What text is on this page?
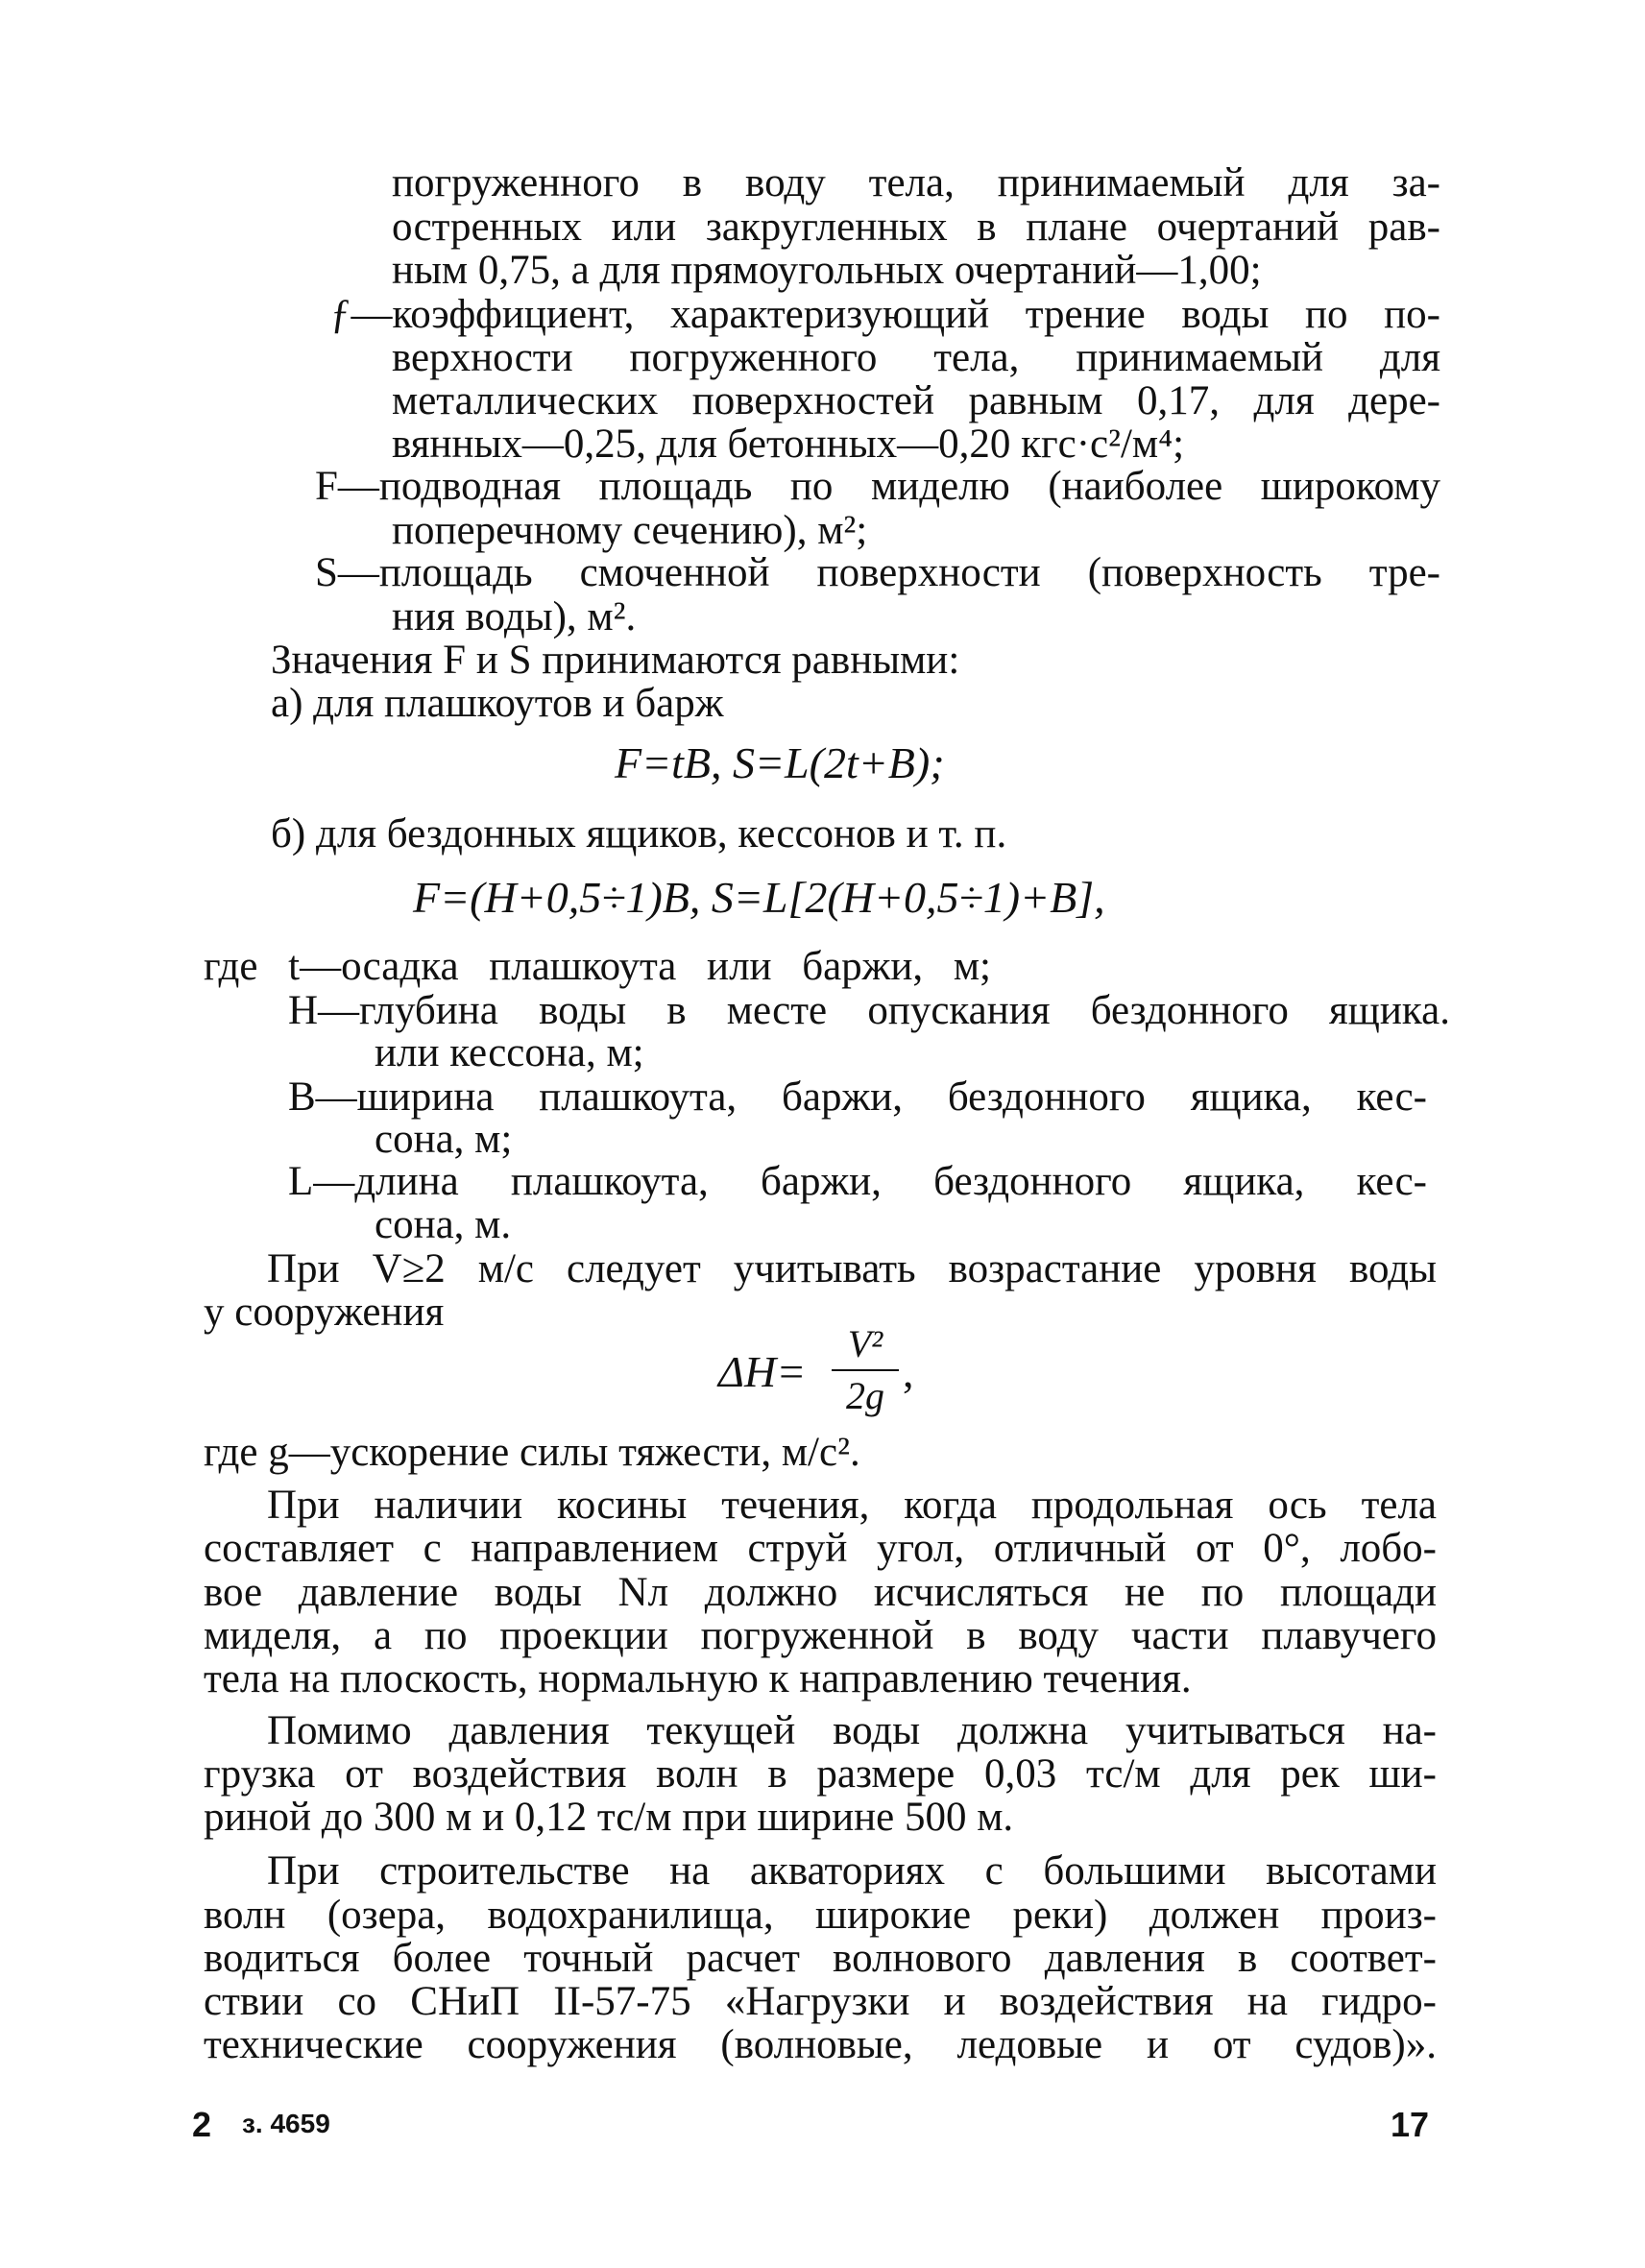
погруженного в воду тела, принимаемый для за-
остренных или закругленных в плане очертаний рав-
ным 0,75, а для прямоугольных очертаний—1,00;
ƒ—коэффициент, характеризующий трение воды по по-
верхности погруженного тела, принимаемый для
металлических поверхностей равным 0,17, для дере-
вянных—0,25, для бетонных—0,20 кгс·с²/м⁴;
F—подводная площадь по миделю (наиболее широкому
поперечному сечению), м²;
S—площадь смоченной поверхности (поверхность тре-
ния воды), м².
Значения F и S принимаются равными:
а) для плашкоутов и барж
F=tB, S=L(2t+B);
б) для бездонных ящиков, кессонов и т. п.
F=(H+0,5÷1)B, S=L[2(H+0,5÷1)+B],
где t—осадка плашкоута или баржи, м;
H—глубина воды в месте опускания бездонного ящика.
или кессона, м;
B—ширина плашкоута, баржи, бездонного ящика, кес-
сона, м;
L—длина плашкоута, баржи, бездонного ящика, кес-
сона, м.
При V≥2 м/с следует учитывать возрастание уровня воды
у сооружения
ΔH=
V²
2g ,
где g—ускорение силы тяжести, м/с².
При наличии косины течения, когда продольная ось тела
составляет с направлением струй угол, отличный от 0°, лобо-
вое давление воды Nл должно исчисляться не по площади
миделя, а по проекции погруженной в воду части плавучего
тела на плоскость, нормальную к направлению течения.
Помимо давления текущей воды должна учитываться на-
грузка от воздействия волн в размере 0,03 тс/м для рек ши-
риной до 300 м и 0,12 тс/м при ширине 500 м.
При строительстве на акваториях с большими высотами
волн (озера, водохранилища, широкие реки) должен произ-
водиться более точный расчет волнового давления в соответ-
ствии со СНиП II-57-75 «Нагрузки и воздействия на гидро-
технические сооружения (волновые, ледовые и от судов)».
2 з. 4659	17
